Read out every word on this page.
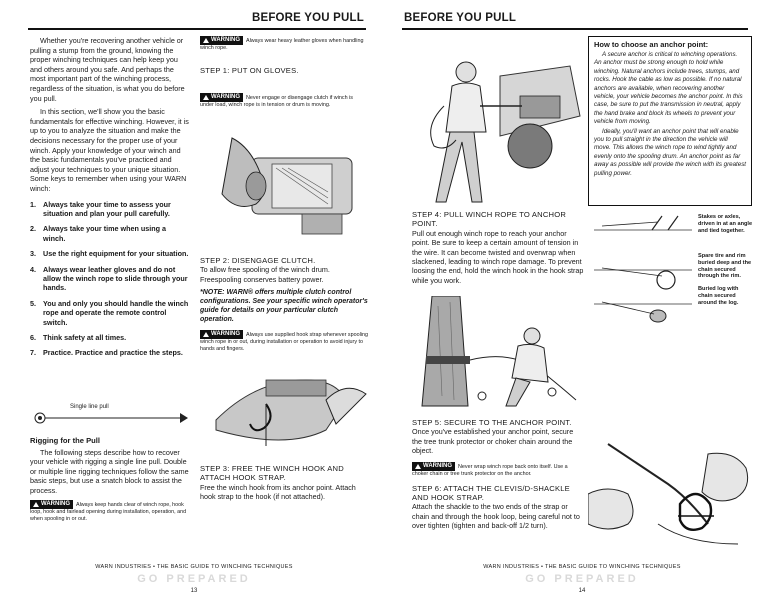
BEFORE YOU PULL

Whether you're recovering another vehicle or pulling a stump from the ground, knowing the proper winching techniques can help keep you and others around you safe. And perhaps the most important part of the winching process, regardless of the situation, is what you do before you pull.

In this section, we'll show you the basic fundamentals for effective winching. However, it is up to you to analyze the situation and make the decisions necessary for the proper use of your winch. Apply your knowledge of your winch and the basic fundamentals you've practiced and adjust your techniques to your unique situation. Some keys to remember when using your WARN winch:

1. Always take your time to assess your situation and plan your pull carefully.
2. Always take your time when using a winch.
3. Use the right equipment for your situation.
4. Always wear leather gloves and do not allow the winch rope to slide through your hands.
5. You and only you should handle the winch rope and operate the remote control switch.
6. Think safety at all times.
7. Practice. Practice and practice the steps.
Single line pull
Rigging for the Pull

The following steps describe how to recover your vehicle with rigging a single line pull. Double or multiple line rigging techniques follow the same basic steps, but use a snatch block to assist the process.

WARNING Always keep hands clear of winch rope, hook loop, hook and fairlead opening during installation, operation, and when spooling in or out.
WARNING Always wear heavy leather gloves when handling winch rope.
STEP 1: PUT ON GLOVES.
WARNING Never engage or disengage clutch if winch is under load, winch rope is in tension or drum is moving.
STEP 2: DISENGAGE CLUTCH.
To allow free spooling of the winch drum. Freespooling conserves battery power.
*NOTE: WARN® offers multiple clutch control configurations. See your specific winch operator's guide for details on your particular clutch operation.
WARNING Always use supplied hook strap whenever spooling winch rope in or out, during installation or operation to avoid injury to hands and fingers.
STEP 3: FREE THE WINCH HOOK AND ATTACH HOOK STRAP.
Free the winch hook from its anchor point. Attach hook strap to the hook (if not attached).
WARN INDUSTRIES • THE BASIC GUIDE TO WINCHING TECHNIQUES
GO PREPARED
13
BEFORE YOU PULL
How to choose an anchor point:

A secure anchor is critical to winching operations. An anchor must be strong enough to hold while winching. Natural anchors include trees, stumps, and rocks. Hook the cable as low as possible. If no natural anchors are available, when recovering another vehicle, your vehicle becomes the anchor point. In this case, be sure to put the transmission in neutral, apply the hand brake and block its wheels to prevent your vehicle from moving.

Ideally, you'll want an anchor point that will enable you to pull straight in the direction the vehicle will move. This allows the winch rope to wind tightly and evenly onto the spooling drum. An anchor point as far away as possible will provide the winch with its greatest pulling power.

Stakes or axles, driven in at an angle and tied together.
Spare tire and rim buried deep and the chain secured through the rim.
Buried log with chain secured around the log.
STEP 4: PULL WINCH ROPE TO ANCHOR POINT.
Pull out enough winch rope to reach your anchor point. Be sure to keep a certain amount of tension in the wire. It can become twisted and overwrap when slackened, leading to winch rope damage. To prevent loosing the end, hold the winch hook in the hook strap while you work.
STEP 5: SECURE TO THE ANCHOR POINT.
Once you've established your anchor point, secure the tree trunk protector or choker chain around the object.
WARNING Never wrap winch rope back onto itself. Use a choker chain or tree trunk protector on the anchor.
STEP 6: ATTACH THE CLEVIS/D-SHACKLE AND HOOK STRAP.
Attach the shackle to the two ends of the strap or chain and through the hook loop, being careful not to over tighten (tighten and back-off 1/2 turn).
WARN INDUSTRIES • THE BASIC GUIDE TO WINCHING TECHNIQUES
GO PREPARED
14
